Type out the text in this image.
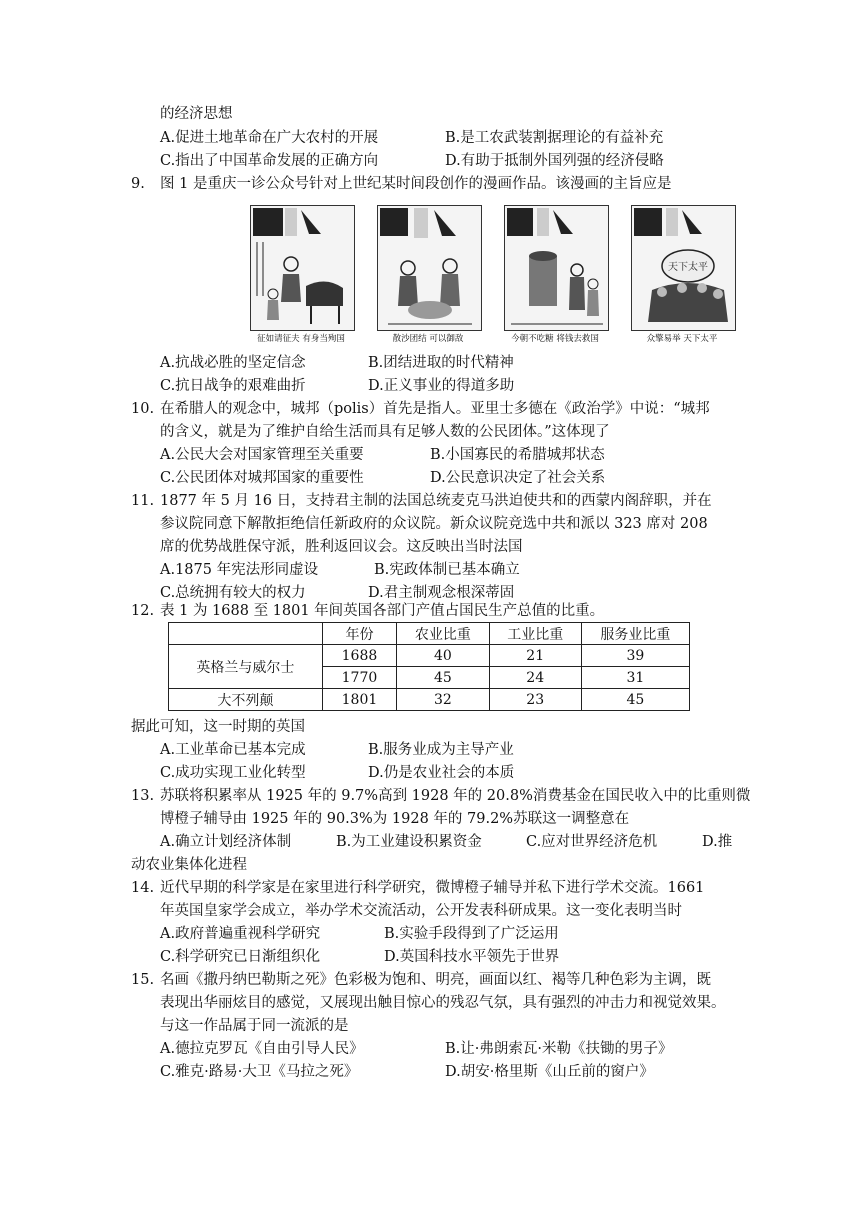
的经济思想
A.促进土地革命在广大农村的开展	B.是工农武装割据理论的有益补充
C.指出了中国革命发展的正确方向	D.有助于抵制外国列强的经济侵略
9. 图 1 是重庆一诊公众号针对上世纪某时间段创作的漫画作品。该漫画的主旨应是
天下太平
征如请征夫 有身当殉国	散沙团结 可以御敌	今朝不吃糖 将钱去救国	众擎易举 天下太平
A.抗战必胜的坚定信念	B.团结进取的时代精神
C.抗日战争的艰难曲折	D.正义事业的得道多助
10. 在希腊人的观念中，城邦（polis）首先是指人。亚里士多德在《政治学》中说：“城邦
的含义，就是为了维护自给生活而具有足够人数的公民团体。”这体现了
A.公民大会对国家管理至关重要	B.小国寡民的希腊城邦状态
C.公民团体对城邦国家的重要性	D.公民意识决定了社会关系
11. 1877 年 5 月 16 日，支持君主制的法国总统麦克马洪迫使共和的西蒙内阁辞职，并在
参议院同意下解散拒绝信任新政府的众议院。新众议院竞选中共和派以 323 席对 208
席的优势战胜保守派，胜利返回议会。这反映出当时法国
A.1875 年宪法形同虚设	B.宪政体制已基本确立
C.总统拥有较大的权力	D.君主制观念根深蒂固
12. 表 1 为 1688 至 1801 年间英国各部门产值占国民生产总值的比重。
	年份	农业比重	工业比重	服务业比重
英格兰与威尔士	1688	40	21	39
	1770	45	24	31
大不列颠	1801	32	23	45
据此可知，这一时期的英国
A.工业革命已基本完成	B.服务业成为主导产业
C.成功实现工业化转型	D.仍是农业社会的本质
13. 苏联将积累率从 1925 年的 9.7%高到 1928 年的 20.8%消费基金在国民收入中的比重则微
博橙子辅导由 1925 年的 90.3%为 1928 年的 79.2%苏联这一调整意在
A.确立计划经济体制	B.为工业建设积累资金	C.应对世界经济危机	D.推
动农业集体化进程
14. 近代早期的科学家是在家里进行科学研究，微博橙子辅导并私下进行学术交流。1661
年英国皇家学会成立，举办学术交流活动，公开发表科研成果。这一变化表明当时
A.政府普遍重视科学研究	B.实验手段得到了广泛运用
C.科学研究已日渐组织化	D.英国科技水平领先于世界
15. 名画《撒丹纳巴勒斯之死》色彩极为饱和、明亮，画面以红、褐等几种色彩为主调，既
表现出华丽炫目的感觉，又展现出触目惊心的残忍气氛，具有强烈的冲击力和视觉效果。
与这一作品属于同一流派的是
A.德拉克罗瓦《自由引导人民》	B.让·弗朗索瓦·米勒《扶锄的男子》
C.雅克·路易·大卫《马拉之死》	D.胡安·格里斯《山丘前的窗户》
